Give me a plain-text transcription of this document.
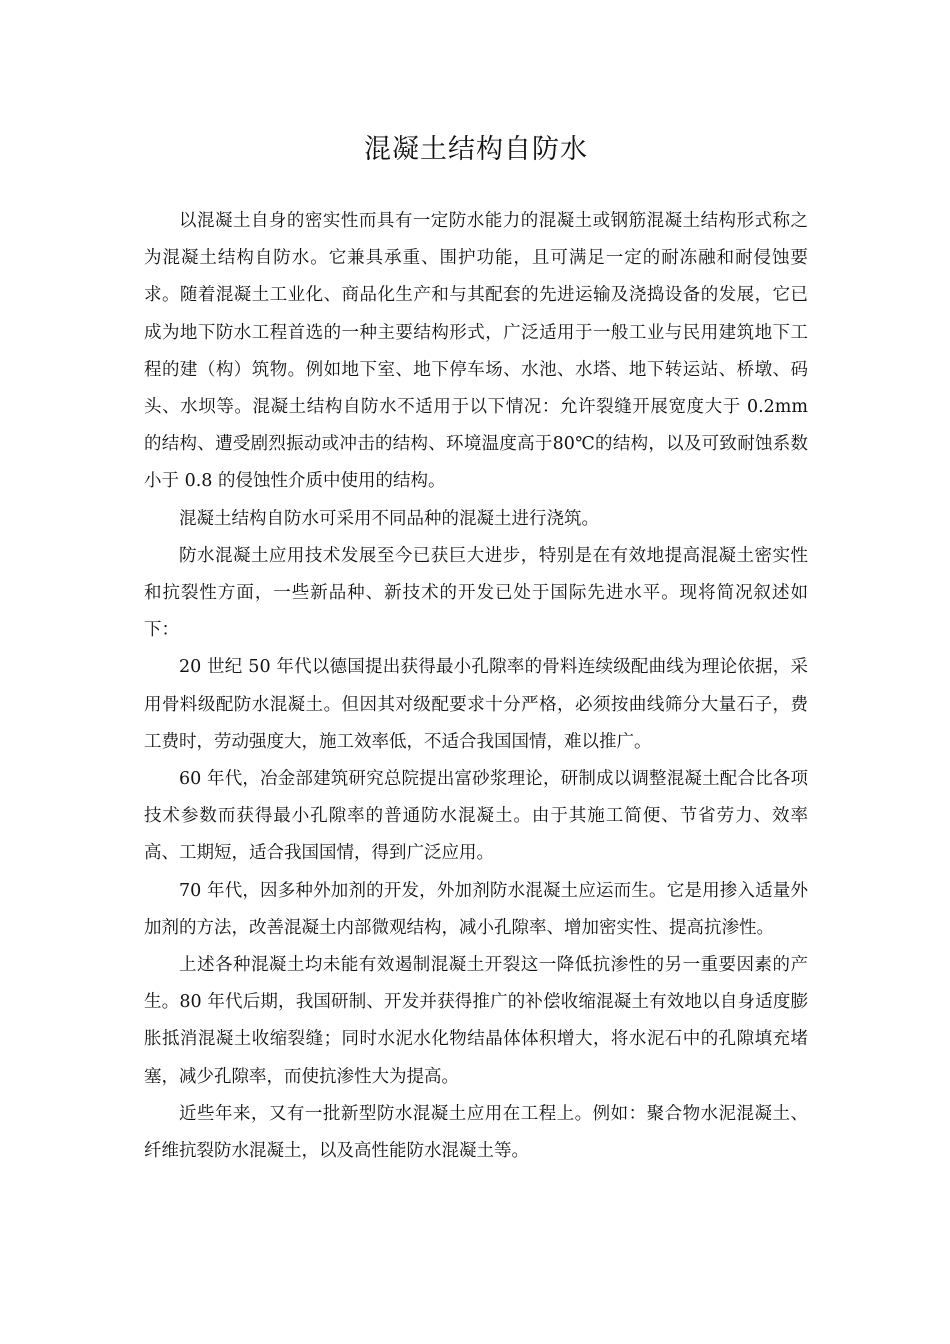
混凝土结构自防水

以混凝土自身的密实性而具有一定防水能力的混凝土或钢筋混凝土结构形式称之为混凝土结构自防水。它兼具承重、围护功能，且可满足一定的耐冻融和耐侵蚀要求。随着混凝土工业化、商品化生产和与其配套的先进运输及浇捣设备的发展，它已成为地下防水工程首选的一种主要结构形式，广泛适用于一般工业与民用建筑地下工程的建（构）筑物。例如地下室、地下停车场、水池、水塔、地下转运站、桥墩、码头、水坝等。混凝土结构自防水不适用于以下情况：允许裂缝开展宽度大于 0.2mm 的结构、遭受剧烈振动或冲击的结构、环境温度高于80℃的结构，以及可致耐蚀系数小于 0.8 的侵蚀性介质中使用的结构。

混凝土结构自防水可采用不同品种的混凝土进行浇筑。

防水混凝土应用技术发展至今已获巨大进步，特别是在有效地提高混凝土密实性和抗裂性方面，一些新品种、新技术的开发已处于国际先进水平。现将简况叙述如下：

20 世纪 50 年代以德国提出获得最小孔隙率的骨料连续级配曲线为理论依据，采用骨料级配防水混凝土。但因其对级配要求十分严格，必须按曲线筛分大量石子，费工费时，劳动强度大，施工效率低，不适合我国国情，难以推广。

60 年代，冶金部建筑研究总院提出富砂浆理论，研制成以调整混凝土配合比各项技术参数而获得最小孔隙率的普通防水混凝土。由于其施工简便、节省劳力、效率高、工期短，适合我国国情，得到广泛应用。

70 年代，因多种外加剂的开发，外加剂防水混凝土应运而生。它是用掺入适量外加剂的方法，改善混凝土内部微观结构，减小孔隙率、增加密实性、提高抗渗性。

上述各种混凝土均未能有效遏制混凝土开裂这一降低抗渗性的另一重要因素的产生。80 年代后期，我国研制、开发并获得推广的补偿收缩混凝土有效地以自身适度膨胀抵消混凝土收缩裂缝；同时水泥水化物结晶体体积增大，将水泥石中的孔隙填充堵塞，减少孔隙率，而使抗渗性大为提高。

近些年来，又有一批新型防水混凝土应用在工程上。例如：聚合物水泥混凝土、纤维抗裂防水混凝土，以及高性能防水混凝土等。
